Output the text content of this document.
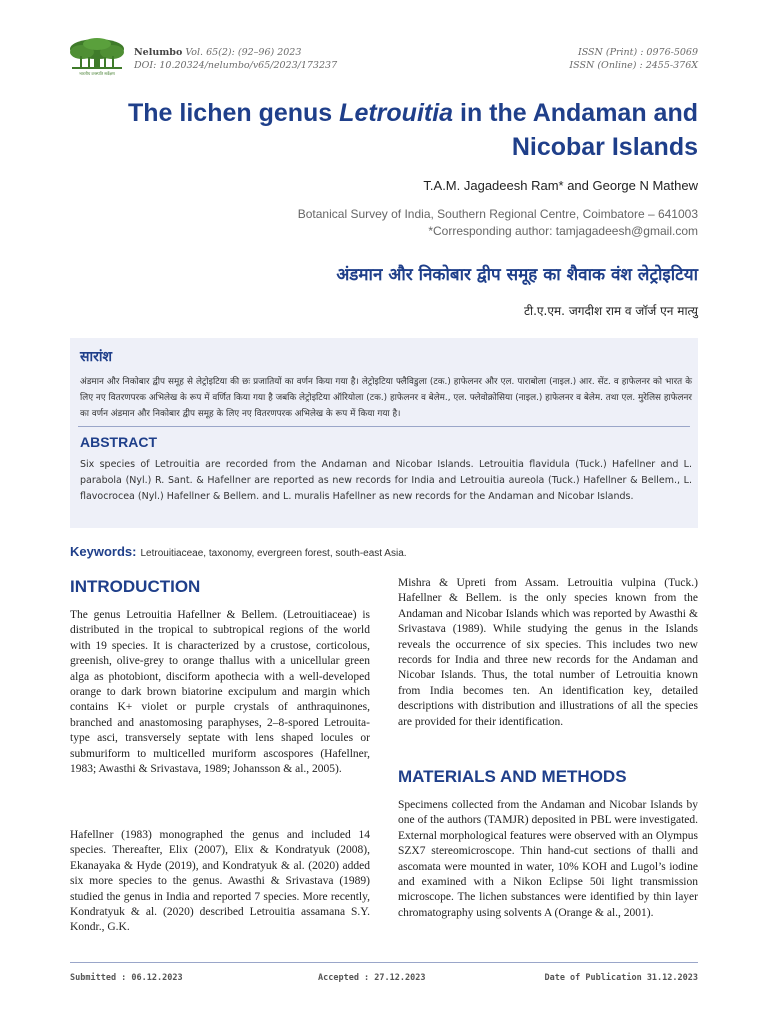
भारतीय वनस्पति सर्वेक्षण
Nelumbo Vol. 65(2): (92–96) 2023
DOI: 10.20324/nelumbo/v65/2023/173237
ISSN (Print) : 0976-5069
ISSN (Online) : 2455-376X
The lichen genus Letrouitia in the Andaman and Nicobar Islands
T.A.M. Jagadeesh Ram* and George N Mathew
Botanical Survey of India, Southern Regional Centre, Coimbatore – 641003
*Corresponding author: tamjagadeesh@gmail.com
अंडमान और निकोबार द्वीप समूह का शैवाक वंश लेट्रोइटिया
टी.ए.एम. जगदीश राम व जॉर्ज एन मात्यु
सारांश
अंडमान और निकोबार द्वीप समूह से लेट्रोइटिया की छः प्रजातियों का वर्णन किया गया है। लेट्रोइटिया फ्लैविडुला (टक.) हाफेलनर और एल. पाराबोला (नाइल.) आर. सेंट. व हाफेलनर को भारत के लिए नए वितरणपरक अभिलेख के रूप में वर्णित किया गया है जबकि लेट्रोइटिया ऑरियोला (टक.) हाफेलनर व बेलेम., एल. फ्लेवोक्रोसिया (नाइल.) हाफेलनर व बेलेम. तथा एल. मुरेलिस हाफेलनर का वर्णन अंडमान और निकोबार द्वीप समूह के लिए नए वितरणपरक अभिलेख के रूप में किया गया है।
ABSTRACT
Six species of Letrouitia are recorded from the Andaman and Nicobar Islands. Letrouitia flavidula (Tuck.) Hafellner and L. parabola (Nyl.) R. Sant. & Hafellner are reported as new records for India and Letrouitia aureola (Tuck.) Hafellner & Bellem., L. flavocrocea (Nyl.) Hafellner & Bellem. and L. muralis Hafellner as new records for the Andaman and Nicobar Islands.
Keywords: Letrouitiaceae, taxonomy, evergreen forest, south-east Asia.
INTRODUCTION
The genus Letrouitia Hafellner & Bellem. (Letrouitiaceae) is distributed in the tropical to subtropical regions of the world with 19 species. It is characterized by a crustose, corticolous, greenish, olive-grey to orange thallus with a unicellular green alga as photobiont, disciform apothecia with a well-developed orange to dark brown biatorine excipulum and margin which contains K+ violet or purple crystals of anthraquinones, branched and anastomosing paraphyses, 2–8-spored Letrouita-type asci, transversely septate with lens shaped locules or submuriform to multicelled muriform ascospores (Hafellner, 1983; Awasthi & Srivastava, 1989; Johansson & al., 2005).
Hafellner (1983) monographed the genus and included 14 species. Thereafter, Elix (2007), Elix & Kondratyuk (2008), Ekanayaka & Hyde (2019), and Kondratyuk & al. (2020) added six more species to the genus. Awasthi & Srivastava (1989) studied the genus in India and reported 7 species. More recently, Kondratyuk & al. (2020) described Letrouitia assamana S.Y. Kondr., G.K.
Mishra & Upreti from Assam. Letrouitia vulpina (Tuck.) Hafellner & Bellem. is the only species known from the Andaman and Nicobar Islands which was reported by Awasthi & Srivastava (1989). While studying the genus in the Islands reveals the occurrence of six species. This includes two new records for India and three new records for the Andaman and Nicobar Islands. Thus, the total number of Letrouitia known from India becomes ten. An identification key, detailed descriptions with distribution and illustrations of all the species are provided for their identification.
MATERIALS AND METHODS
Specimens collected from the Andaman and Nicobar Islands by one of the authors (TAMJR) deposited in PBL were investigated. External morphological features were observed with an Olympus SZX7 stereomicroscope. Thin hand-cut sections of thalli and ascomata were mounted in water, 10% KOH and Lugol’s iodine and examined with a Nikon Eclipse 50i light transmission microscope. The lichen substances were identified by thin layer chromatography using solvents A (Orange & al., 2001).
Submitted : 06.12.2023	Accepted : 27.12.2023	Date of Publication 31.12.2023
